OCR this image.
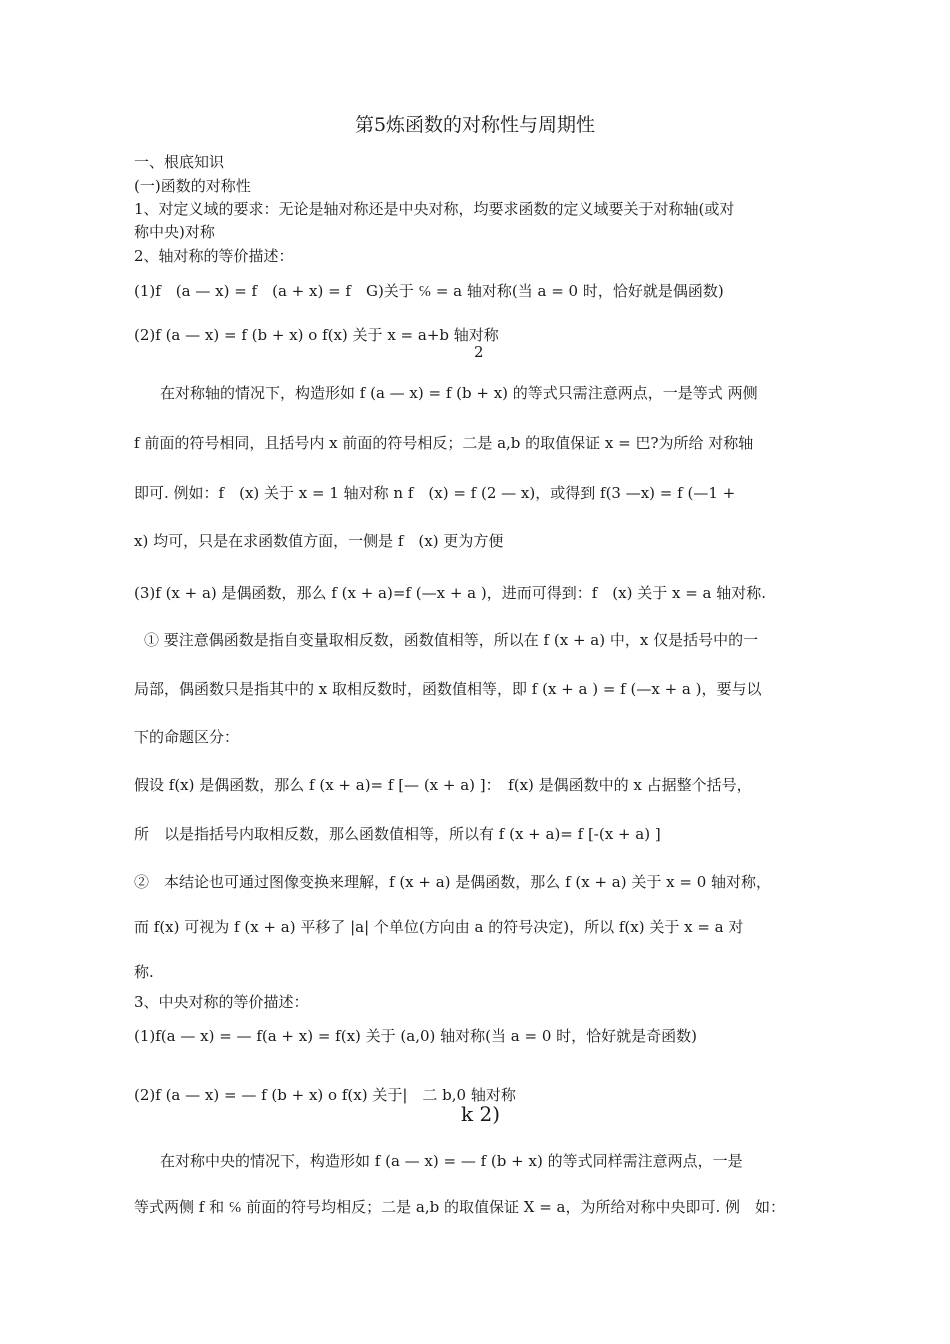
第5炼函数的对称性与周期性
一、根底知识
(一)函数的对称性
1、对定义域的要求：无论是轴对称还是中央对称，均要求函数的定义域要关于对称轴(或对
称中央)对称
2、轴对称的等价描述：
(1)f　(a — x) = f　(a + x) = f　G)关于 ℅ = a 轴对称(当 a = 0 时，恰好就是偶函数)
(2)f (a — x) = f (b + x) o f(x) 关于 x = a+b 轴对称
2
在对称轴的情况下，构造形如 f (a — x) = f (b + x) 的等式只需注意两点，一是等式 两侧
f 前面的符号相同，且括号内 x 前面的符号相反；二是 a,b 的取值保证 x = 巴?为所给 对称轴
即可. 例如：f　(x) 关于 x = 1 轴对称 n f　(x) = f (2 — x)，或得到 f(3 —x) = f (—1 +
x) 均可，只是在求函数值方面，一侧是 f　(x) 更为方便
(3)f (x + a) 是偶函数，那么 f (x + a)=f (—x + a )，进而可得到：f　(x) 关于 x = a 轴对称.
① 要注意偶函数是指自变量取相反数，函数值相等，所以在 f (x + a) 中，x 仅是括号中的一
局部，偶函数只是指其中的 x 取相反数时，函数值相等，即 f (x + a ) = f (—x + a )，要与以
下的命题区分：
假设 f(x) 是偶函数，那么 f (x + a)= f [— (x + a) ]：　f(x) 是偶函数中的 x 占据整个括号，
所　以是指括号内取相反数，那么函数值相等，所以有 f (x + a)= f [-(x + a) ]
②　本结论也可通过图像变换来理解，f (x + a) 是偶函数，那么 f (x + a) 关于 x = 0 轴对称，
而 f(x) 可视为 f (x + a) 平移了 |a| 个单位(方向由 a 的符号决定)，所以 f(x) 关于 x = a 对
称.
3、中央对称的等价描述：
(1)f(a — x) = — f(a + x) = f(x) 关于 (a,0) 轴对称(当 a = 0 时，恰好就是奇函数)
(2)f (a — x) = — f (b + x) o f(x) 关于|　二 b,0 轴对称
k 2)
在对称中央的情况下，构造形如 f (a — x) = — f (b + x) 的等式同样需注意两点，一是
等式两侧 f 和 ℅ 前面的符号均相反；二是 a,b 的取值保证 X = a，为所给对称中央即可. 例　如：
